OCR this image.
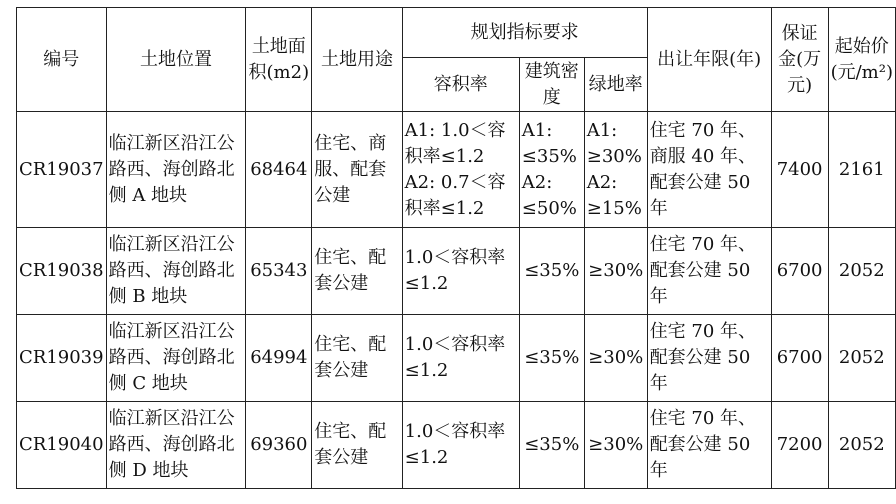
编号	土地位置	土地面积(m2)	土地用途	规划指标要求			出让年限(年)	保证金(万元)	起始价(元/m²)
				容积率	建筑密度	绿地率			
CR19037	临江新区沿江公路西、海创路北侧 A 地块	68464	住宅、商服、配套公建	A1: 1.0＜容积率≤1.2 A2: 0.7＜容积率≤1.2	A1: ≤35% A2: ≤50%	A1: ≥30% A2: ≥15%	住宅 70 年、商服 40 年、配套公建 50 年	7400	2161
CR19038	临江新区沿江公路西、海创路北侧 B 地块	65343	住宅、配套公建	1.0＜容积率≤1.2	≤35%	≥30%	住宅 70 年、配套公建 50 年	6700	2052
CR19039	临江新区沿江公路西、海创路北侧 C 地块	64994	住宅、配套公建	1.0＜容积率≤1.2	≤35%	≥30%	住宅 70 年、配套公建 50 年	6700	2052
CR19040	临江新区沿江公路西、海创路北侧 D 地块	69360	住宅、配套公建	1.0＜容积率≤1.2	≤35%	≥30%	住宅 70 年、配套公建 50 年	7200	2052
